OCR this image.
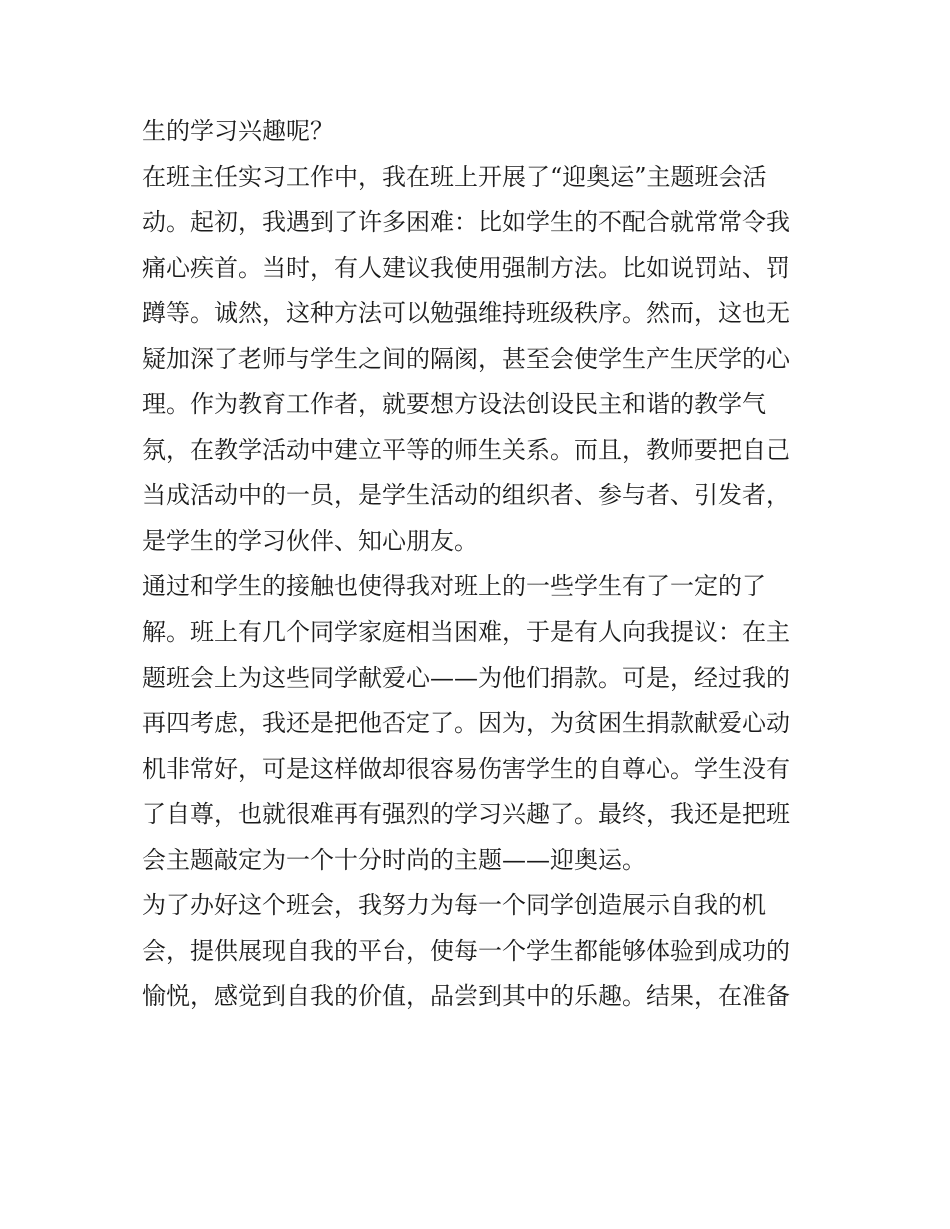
生的学习兴趣呢？
在班主任实习工作中，我在班上开展了“迎奥运”主题班会活
动。起初，我遇到了许多困难：比如学生的不配合就常常令我
痛心疾首。当时，有人建议我使用强制方法。比如说罚站、罚
蹲等。诚然，这种方法可以勉强维持班级秩序。然而，这也无
疑加深了老师与学生之间的隔阂，甚至会使学生产生厌学的心
理。作为教育工作者，就要想方设法创设民主和谐的教学气
氛，在教学活动中建立平等的师生关系。而且，教师要把自己
当成活动中的一员，是学生活动的组织者、参与者、引发者，
是学生的学习伙伴、知心朋友。
通过和学生的接触也使得我对班上的一些学生有了一定的了
解。班上有几个同学家庭相当困难，于是有人向我提议：在主
题班会上为这些同学献爱心——为他们捐款。可是，经过我的
再四考虑，我还是把他否定了。因为，为贫困生捐款献爱心动
机非常好，可是这样做却很容易伤害学生的自尊心。学生没有
了自尊，也就很难再有强烈的学习兴趣了。最终，我还是把班
会主题敲定为一个十分时尚的主题——迎奥运。
为了办好这个班会，我努力为每一个同学创造展示自我的机
会，提供展现自我的平台，使每一个学生都能够体验到成功的
愉悦，感觉到自我的价值，品尝到其中的乐趣。结果，在准备
